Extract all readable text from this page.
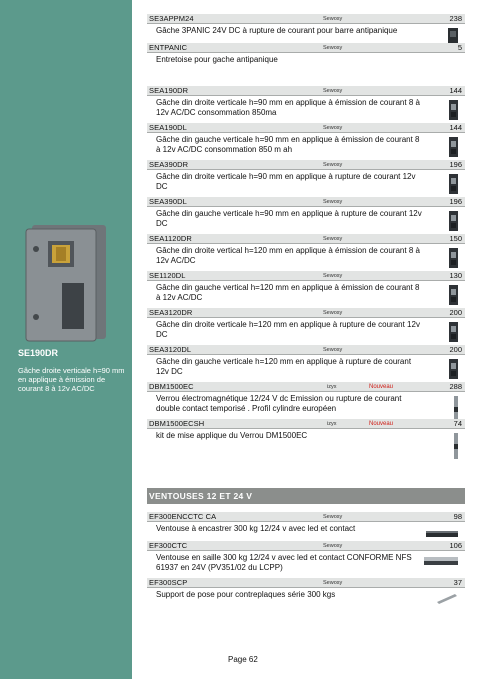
SE190DR
Gâche droite verticale h=90 mm en applique à émission de courant 8 à 12v AC/DC
SE3APPM24	Sewosy	238
Gâche 3PANIC 24V DC à rupture de courant pour barre antipanique
ENTPANIC	Sewosy	5
Entretoise pour gache antipanique
SEA190DR	Sewosy	144
Gâche din droite verticale h=90 mm en applique à émission de courant 8 à 12v AC/DC consommation 850ma
SEA190DL	Sewosy	144
Gâche din gauche verticale h=90 mm en applique à émission de courant 8 à 12v AC/DC consommation 850 m ah
SEA390DR	Sewosy	196
Gâche din droite verticale h=90 mm en applique à rupture de courant 12v DC
SEA390DL	Sewosy	196
Gâche din gauche verticale h=90 mm en applique à rupture de courant 12v DC
SEA1120DR	Sewosy	150
Gâche din droite vertical h=120 mm en applique à émission de courant 8 à 12v AC/DC
SE1120DL	Sewosy	130
Gâche din gauche vertical h=120 mm en applique à émission de courant 8 à 12v AC/DC
SEA3120DR	Sewosy	200
Gâche din droite verticale h=120 mm en applique à rupture de courant 12v DC
SEA3120DL	Sewosy	200
Gâche din gauche verticale h=120 mm en applique à rupture de courant 12v DC
DBM1500EC	izyx	Nouveau	288
Verrou électromagnétique 12/24 V dc Emission ou rupture de courant double contact temporisé . Profil cylindre européen
DBM1500ECSH	izyx	Nouveau	74
kit de mise applique du Verrou DM1500EC
VENTOUSES 12 ET 24 V
EF300ENCCTC CA	Sewosy	98
Ventouse à encastrer 300 kg 12/24 v avec led et contact
EF300CTC	Sewosy	106
Ventouse en saille 300 kg 12/24 v avec led et contact CONFORME NFS 61937 en 24V (PV351/02 du LCPP)
EF300SCP	Sewosy	37
Support de pose pour contreplaques série 300 kgs
Page 62
